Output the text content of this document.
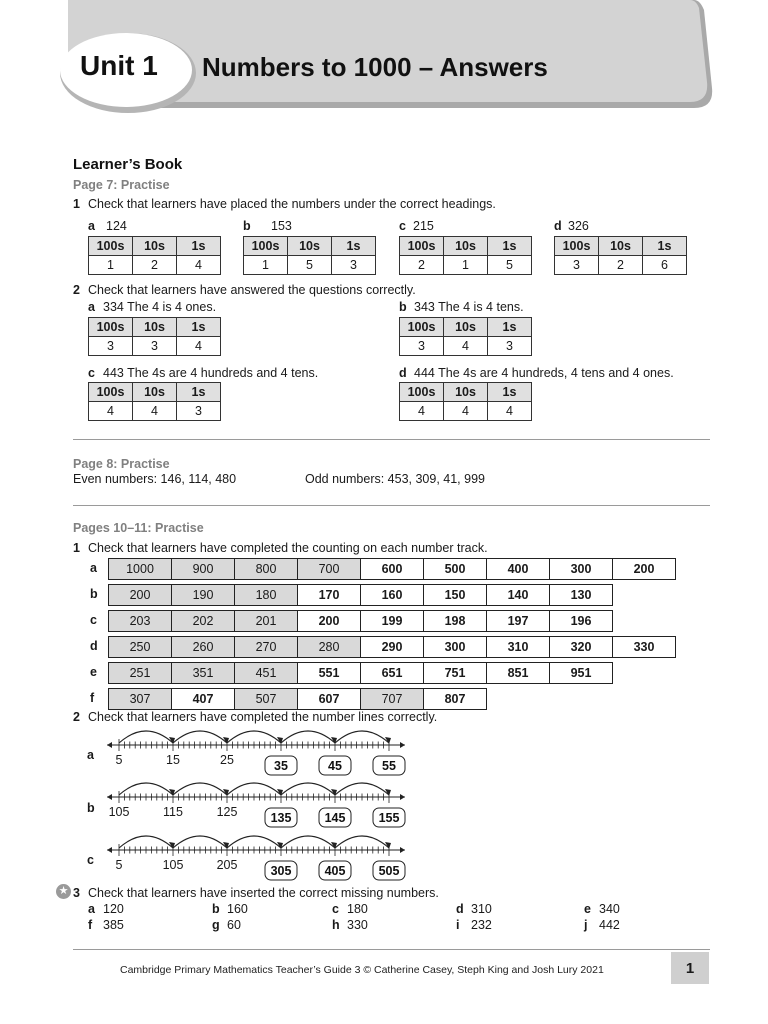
Unit 1 Numbers to 1000 – Answers
Learner’s Book
Page 7: Practise
1 Check that learners have placed the numbers under the correct headings.
a 124
100s	10s	1s
1	2	4
b 153
100s	10s	1s
1	5	3
c 215
100s	10s	1s
2	1	5
d 326
100s	10s	1s
3	2	6
2 Check that learners have answered the questions correctly.
a 334 The 4 is 4 ones.
100s	10s	1s
3	3	4
b 343 The 4 is 4 tens.
100s	10s	1s
3	4	3
c 443 The 4s are 4 hundreds and 4 tens.
100s	10s	1s
4	4	3
d 444 The 4s are 4 hundreds, 4 tens and 4 ones.
100s	10s	1s
4	4	4
Page 8: Practise
Even numbers: 146, 114, 480	Odd numbers: 453, 309, 41, 999
Pages 10–11: Practise
1 Check that learners have completed the counting on each number track.
a	1000	900	800	700	600	500	400	300	200
b	200	190	180	170	160	150	140	130
c	203	202	201	200	199	198	197	196
d	250	260	270	280	290	300	310	320	330
e	251	351	451	551	651	751	851	951
f	307	407	507	607	707	807
2 Check that learners have completed the number lines correctly.
a
b
c
5	15	25	35	45	55
105	115	125	135	145	155
5	105	205	305	405	505
★ 3 Check that learners have inserted the correct missing numbers.
a 120	b 160	c 180	d 310	e 340
f 385	g 60	h 330	i 232	j 442
Cambridge Primary Mathematics Teacher’s Guide 3 © Catherine Casey, Steph King and Josh Lury 2021	1
